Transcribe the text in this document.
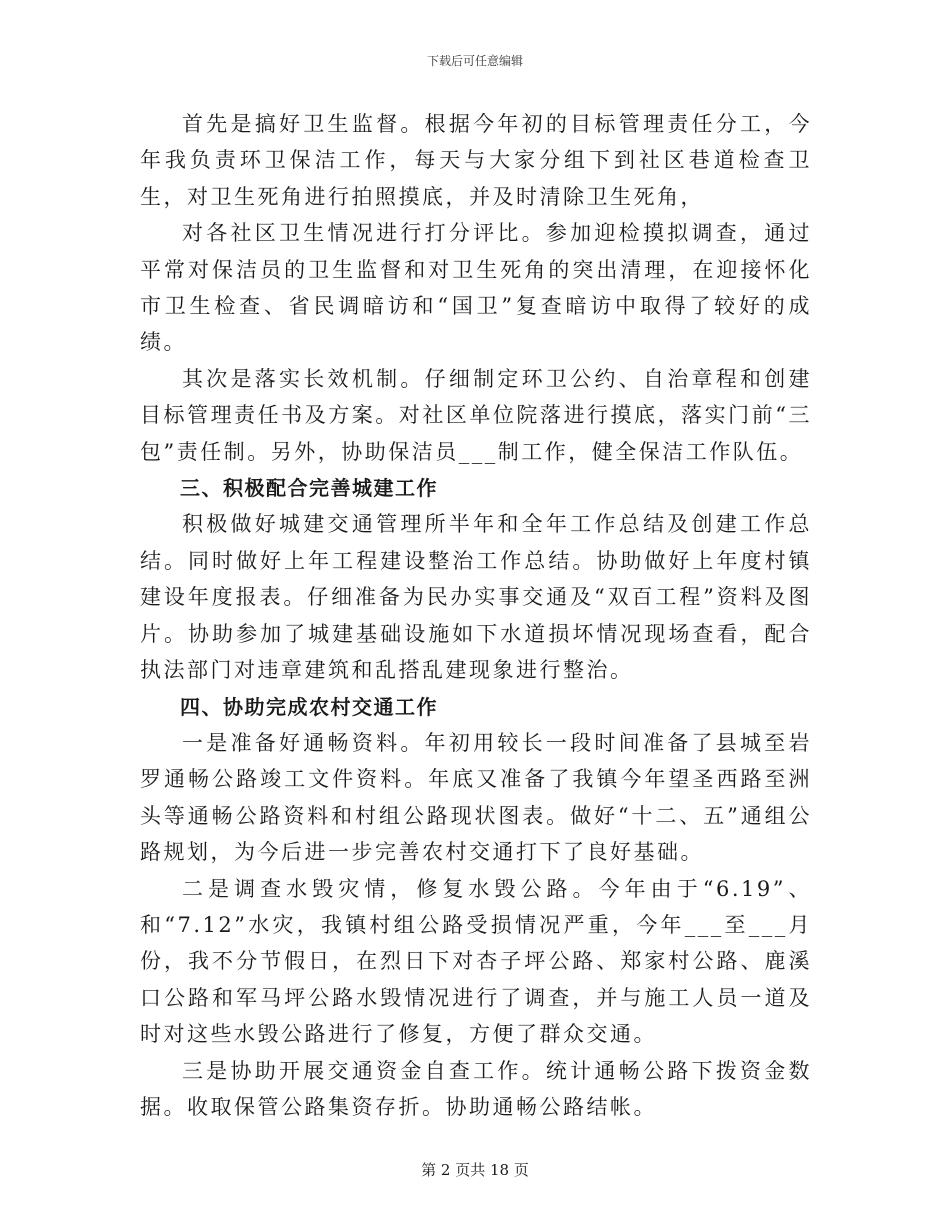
下载后可任意编辑

首先是搞好卫生监督。根据今年初的目标管理责任分工，今年我负责环卫保洁工作，每天与大家分组下到社区巷道检查卫生，对卫生死角进行拍照摸底，并及时清除卫生死角，

对各社区卫生情况进行打分评比。参加迎检摸拟调查，通过平常对保洁员的卫生监督和对卫生死角的突出清理，在迎接怀化市卫生检查、省民调暗访和“国卫”复查暗访中取得了较好的成绩。

其次是落实长效机制。仔细制定环卫公约、自治章程和创建目标管理责任书及方案。对社区单位院落进行摸底，落实门前“三包”责任制。另外，协助保洁员___制工作，健全保洁工作队伍。

三、积极配合完善城建工作

积极做好城建交通管理所半年和全年工作总结及创建工作总结。同时做好上年工程建设整治工作总结。协助做好上年度村镇建设年度报表。仔细准备为民办实事交通及“双百工程”资料及图片。协助参加了城建基础设施如下水道损坏情况现场查看，配合执法部门对违章建筑和乱搭乱建现象进行整治。

四、协助完成农村交通工作

一是准备好通畅资料。年初用较长一段时间准备了县城至岩罗通畅公路竣工文件资料。年底又准备了我镇今年望圣西路至洲头等通畅公路资料和村组公路现状图表。做好“十二、五”通组公路规划，为今后进一步完善农村交通打下了良好基础。

二是调查水毁灾情，修复水毁公路。今年由于“6.19”、和“7.12”水灾，我镇村组公路受损情况严重，今年___至___月份，我不分节假日，在烈日下对杏子坪公路、郑家村公路、鹿溪口公路和军马坪公路水毁情况进行了调查，并与施工人员一道及时对这些水毁公路进行了修复，方便了群众交通。

三是协助开展交通资金自查工作。统计通畅公路下拨资金数据。收取保管公路集资存折。协助通畅公路结帐。

第 2 页共 18 页
